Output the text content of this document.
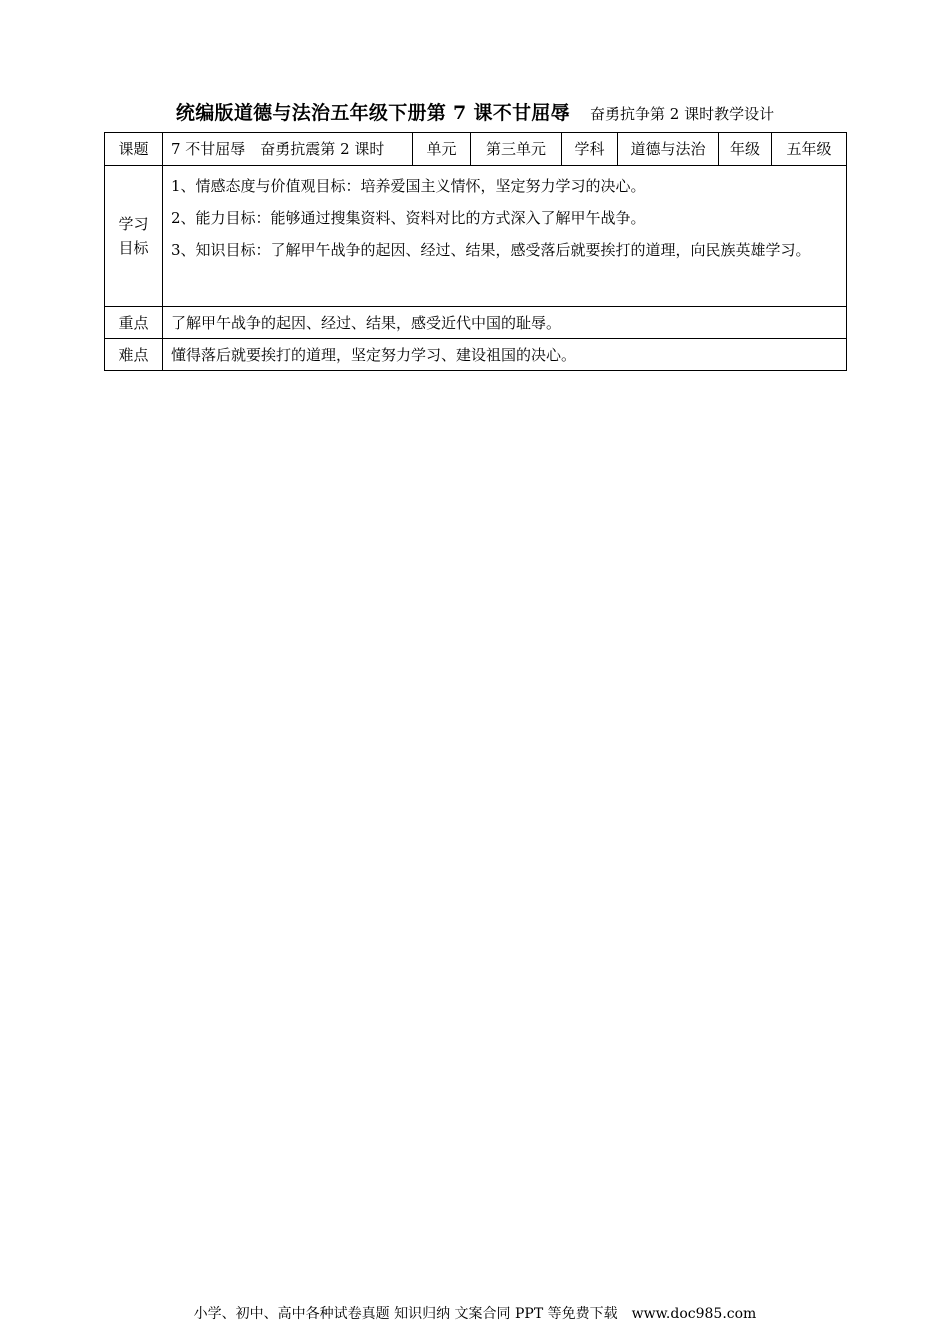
统编版道德与法治五年级下册第 7 课不甘屈辱 奋勇抗争第 2 课时教学设计
课题	7 不甘屈辱　奋勇抗震第 2 课时	单元	第三单元	学科	道德与法治	年级	五年级
学习目标	1、情感态度与价值观目标：培养爱国主义情怀，坚定努力学习的决心。
2、能力目标：能够通过搜集资料、资料对比的方式深入了解甲午战争。
3、知识目标：了解甲午战争的起因、经过、结果，感受落后就要挨打的道理，向民族英雄学习。						

重点	了解甲午战争的起因、经过、结果，感受近代中国的耻辱。						
难点	懂得落后就要挨打的道理，坚定努力学习、建设祖国的决心。						
小学、初中、高中各种试卷真题 知识归纳 文案合同 PPT 等免费下载　www.doc985.com
